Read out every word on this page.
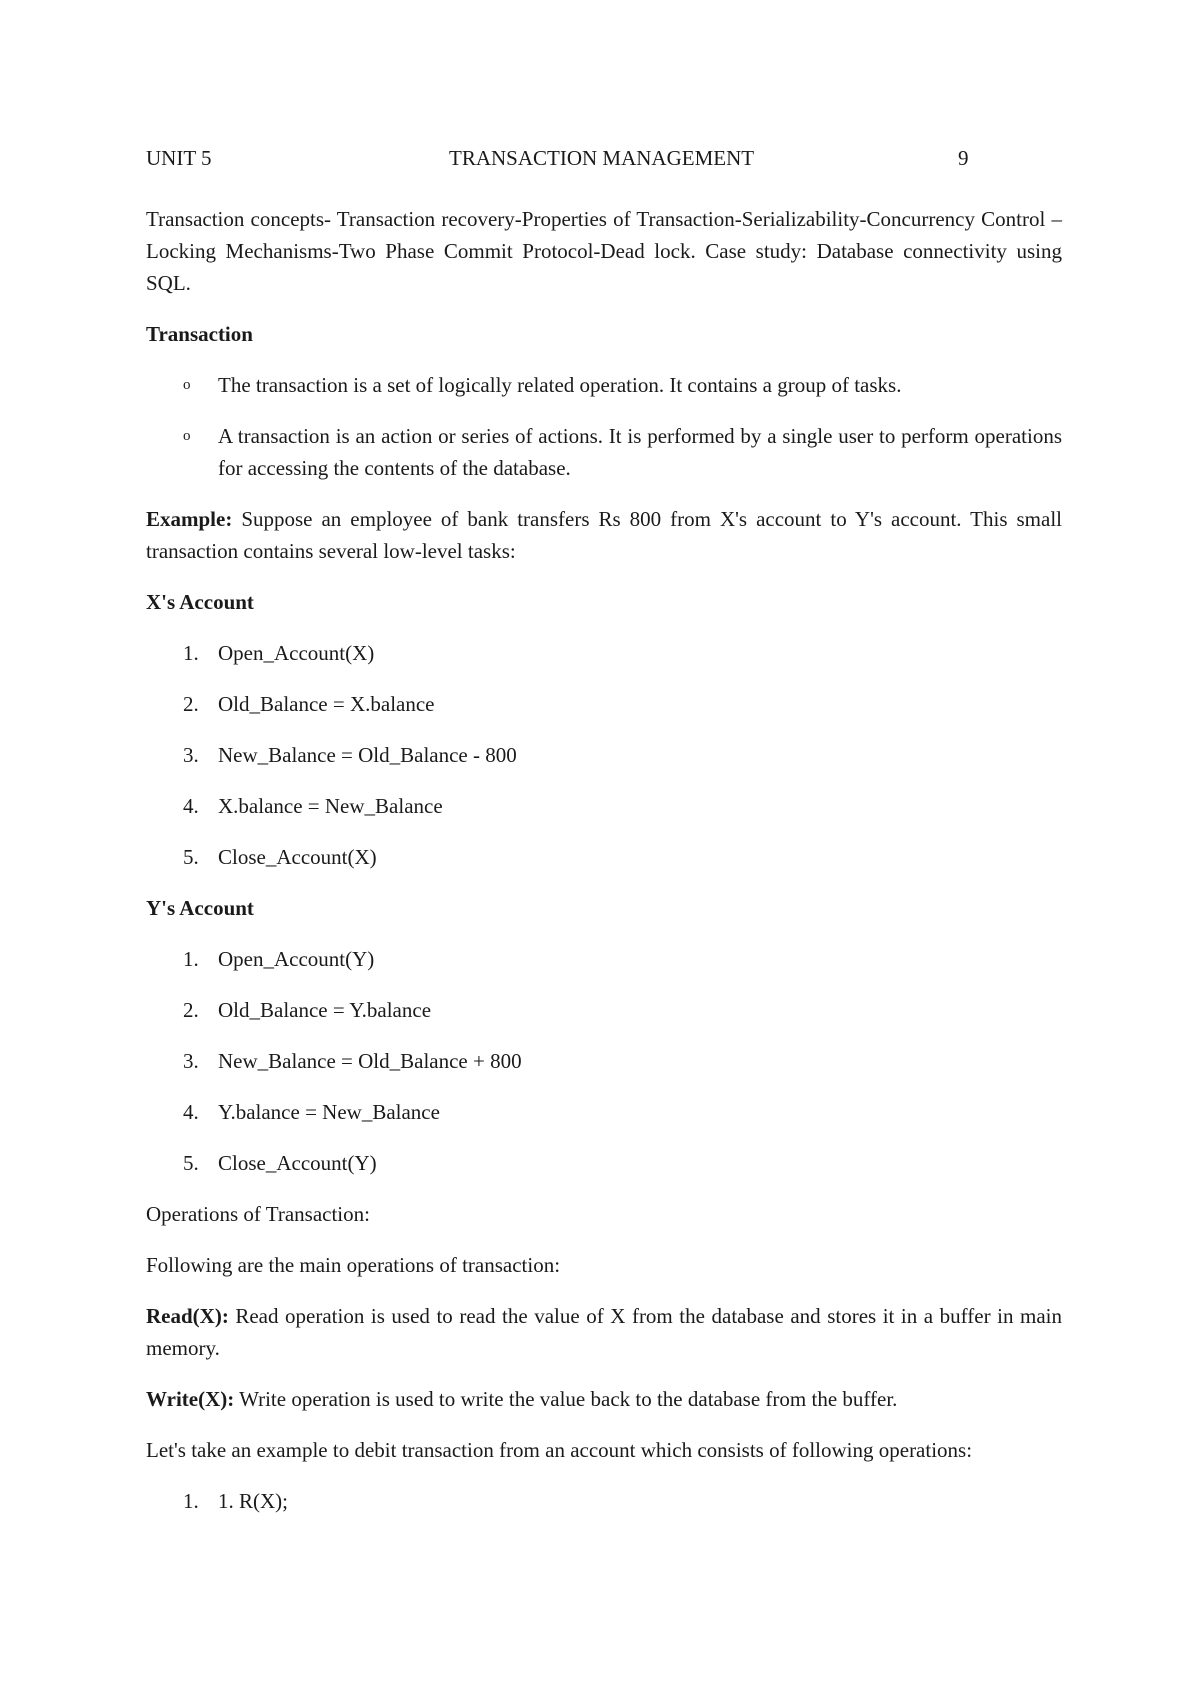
UNIT 5	TRANSACTION MANAGEMENT	9

Transaction concepts- Transaction recovery-Properties of Transaction-Serializability-Concurrency Control – Locking Mechanisms-Two Phase Commit Protocol-Dead lock. Case study: Database connectivity using SQL.

Transaction

o The transaction is a set of logically related operation. It contains a group of tasks.
o A transaction is an action or series of actions. It is performed by a single user to perform operations for accessing the contents of the database.

Example: Suppose an employee of bank transfers Rs 800 from X's account to Y's account. This small transaction contains several low-level tasks:

X's Account

1. Open_Account(X)
2. Old_Balance = X.balance
3. New_Balance = Old_Balance - 800
4. X.balance = New_Balance
5. Close_Account(X)

Y's Account

1. Open_Account(Y)
2. Old_Balance = Y.balance
3. New_Balance = Old_Balance + 800
4. Y.balance = New_Balance
5. Close_Account(Y)

Operations of Transaction:

Following are the main operations of transaction:

Read(X): Read operation is used to read the value of X from the database and stores it in a buffer in main memory.

Write(X): Write operation is used to write the value back to the database from the buffer.

Let's take an example to debit transaction from an account which consists of following operations:

1. 1. R(X);
